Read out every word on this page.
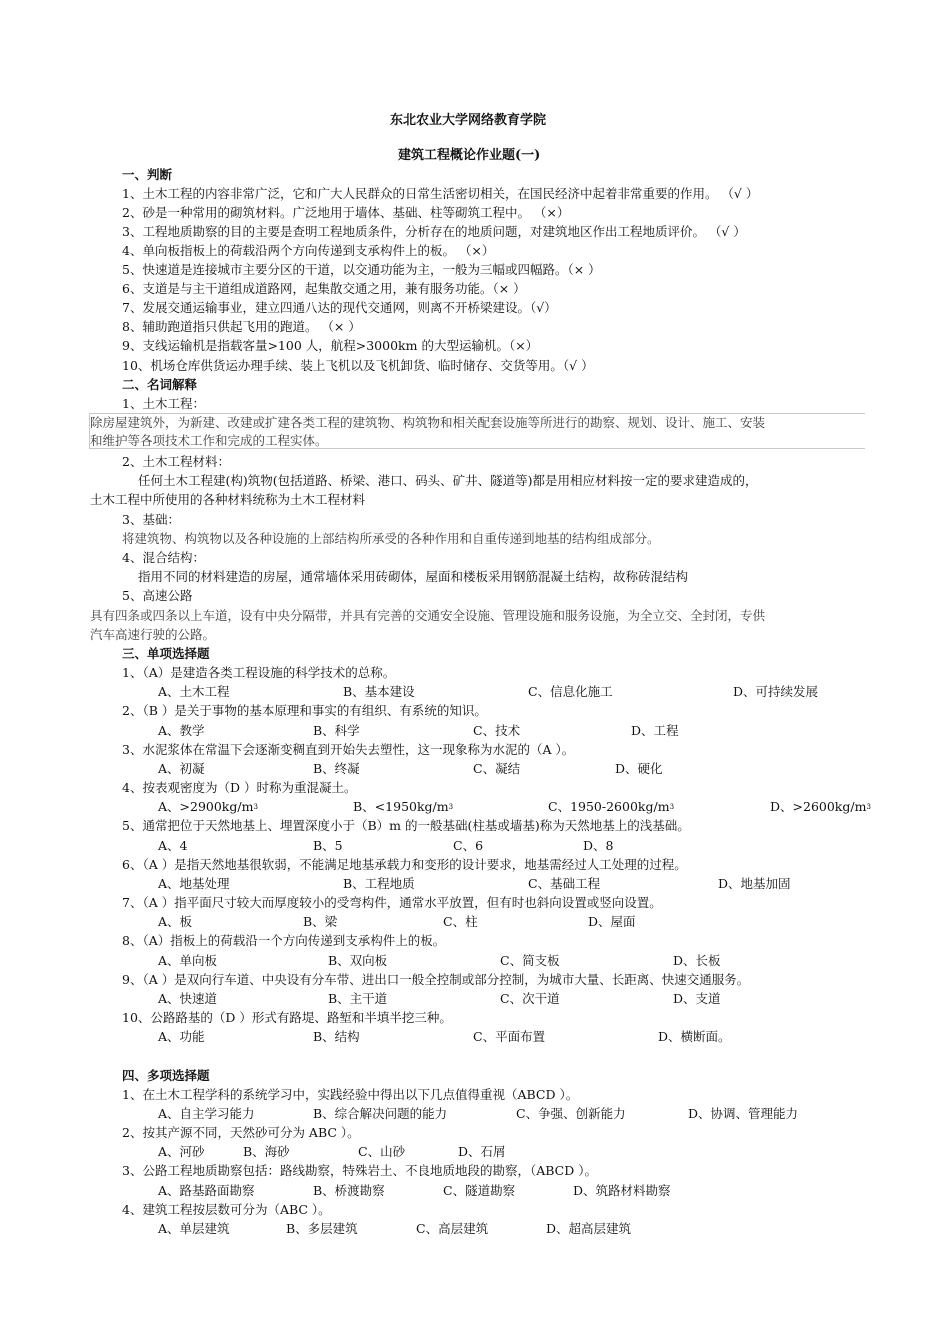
东北农业大学网络教育学院
建筑工程概论作业题(一)
一、判断
1、土木工程的内容非常广泛，它和广大人民群众的日常生活密切相关，在国民经济中起着非常重要的作用。 （√ ）
2、砂是一种常用的砌筑材料。广泛地用于墙体、基础、柱等砌筑工程中。 （×）
3、工程地质勘察的目的主要是查明工程地质条件，分析存在的地质问题，对建筑地区作出工程地质评价。 （√ ）
4、单向板指板上的荷载沿两个方向传递到支承构件上的板。 （×）
5、快速道是连接城市主要分区的干道，以交通功能为主，一般为三幅或四幅路。（× ）
6、支道是与主干道组成道路网，起集散交通之用，兼有服务功能。（× ）
7、发展交通运输事业，建立四通八达的现代交通网，则离不开桥梁建设。（√）
8、辅助跑道指只供起飞用的跑道。 （× ）
9、支线运输机是指载客量>100 人，航程>3000km 的大型运输机。（×）
10、机场仓库供货运办理手续、装上飞机以及飞机卸货、临时储存、交货等用。（√ ）
二、名词解释
1、土木工程：
除房屋建筑外，为新建、改建或扩建各类工程的建筑物、构筑物和相关配套设施等所进行的勘察、规划、设计、施工、安装
和维护等各项技术工作和完成的工程实体。
2、土木工程材料：
任何土木工程建(构)筑物(包括道路、桥梁、港口、码头、矿井、隧道等)都是用相应材料按一定的要求建造成的，
土木工程中所使用的各种材料统称为土木工程材料
3、基础：
将建筑物、构筑物以及各种设施的上部结构所承受的各种作用和自重传递到地基的结构组成部分。
4、混合结构：
指用不同的材料建造的房屋，通常墙体采用砖砌体，屋面和楼板采用钢筋混凝土结构，故称砖混结构
5、高速公路
具有四条或四条以上车道，设有中央分隔带，并具有完善的交通安全设施、管理设施和服务设施，为全立交、全封闭，专供
汽车高速行驶的公路。
三、单项选择题
1、（A）是建造各类工程设施的科学技术的总称。
A、土木工程	B、基本建设	C、信息化施工	D、可持续发展
2、（B ）是关于事物的基本原理和事实的有组织、有系统的知识。
A、教学	B、科学	C、技术	D、工程
3、水泥浆体在常温下会逐渐变稠直到开始失去塑性，这一现象称为水泥的（A ）。
A、初凝	B、终凝	C、凝结	D、硬化
4、按表观密度为（D ）时称为重混凝土。
A、$>2900kg/m^3$	B、$<1950kg/m^3$	C、$1950-2600kg/m^3$	D、$>2600kg/m^3$
5、通常把位于天然地基上、埋置深度小于（B）m 的一般基础(柱基或墙基)称为天然地基上的浅基础。
A、4	B、5	C、6	D、8
6、（A ）是指天然地基很软弱，不能满足地基承载力和变形的设计要求，地基需经过人工处理的过程。
A、地基处理	B、工程地质	C、基础工程	D、地基加固
7、（A ）指平面尺寸较大而厚度较小的受弯构件，通常水平放置，但有时也斜向设置或竖向设置。
A、板	B、梁	C、柱	D、屋面
8、（A）指板上的荷载沿一个方向传递到支承构件上的板。
A、单向板	B、双向板	C、简支板	D、长板
9、（A ）是双向行车道、中央设有分车带、进出口一般全控制或部分控制，为城市大量、长距离、快速交通服务。
A、快速道	B、主干道	C、次干道	D、支道
10、公路路基的（D ）形式有路堤、路堑和半填半挖三种。
A、功能	B、结构	C、平面布置	D、横断面。
四、多项选择题
1、在土木工程学科的系统学习中，实践经验中得出以下几点值得重视（ABCD ）。
A、自主学习能力	B、综合解决问题的能力	C、争强、创新能力	D、协调、管理能力
2、按其产源不同，天然砂可分为 ABC ）。
A、河砂	B、海砂	C、山砂	D、石屑
3、公路工程地质勘察包括：路线勘察，特殊岩土、不良地质地段的勘察，（ABCD ）。
A、路基路面勘察	B、桥渡勘察	C、隧道勘察	D、筑路材料勘察
4、建筑工程按层数可分为（ABC ）。
A、单层建筑	B、多层建筑	C、高层建筑	D、超高层建筑
